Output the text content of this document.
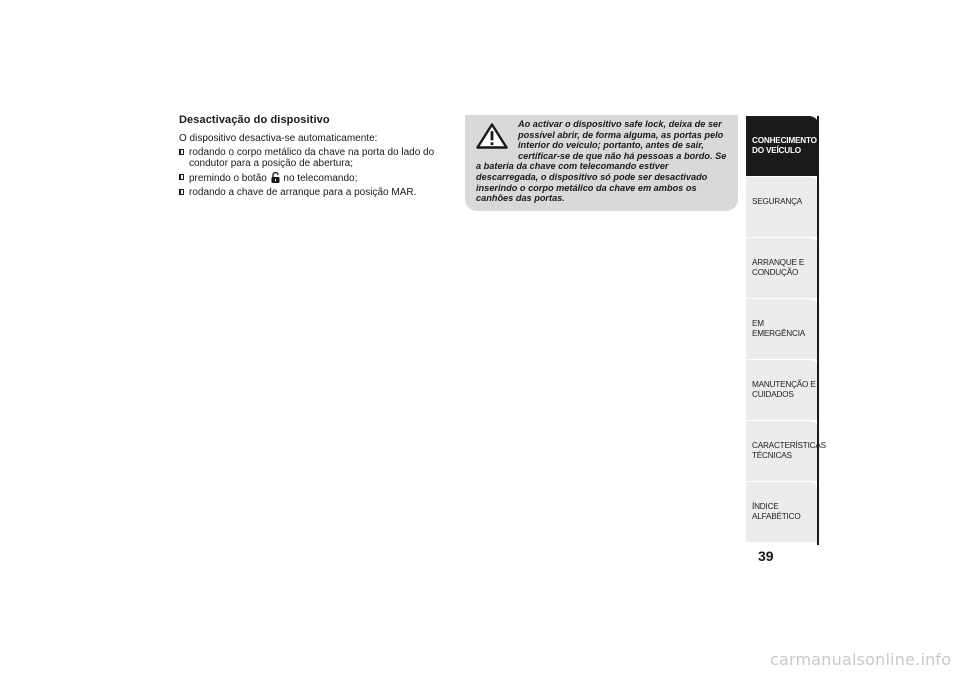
Desactivação do dispositivo
O dispositivo desactiva-se automaticamente:
rodando o corpo metálico da chave na porta do lado do condutor para a posição de abertura;
premindo o botão no telecomando;
rodando a chave de arranque para a posição MAR.
Ao activar o dispositivo safe lock, deixa de ser possível abrir, de forma alguma, as portas pelo interior do veículo; portanto, antes de sair, certificar-se de que não há pessoas a bordo. Se a bateria da chave com telecomando estiver descarregada, o dispositivo só pode ser desactivado inserindo o corpo metálico da chave em ambos os canhões das portas.
CONHECIMENTO DO VEÍCULO
SEGURANÇA
ARRANQUE E CONDUÇÃO
EM EMERGÊNCIA
MANUTENÇÃO E CUIDADOS
CARACTERÍSTICAS TÉCNICAS
ÍNDICE ALFABÉTICO
39
carmanualsonline.info
